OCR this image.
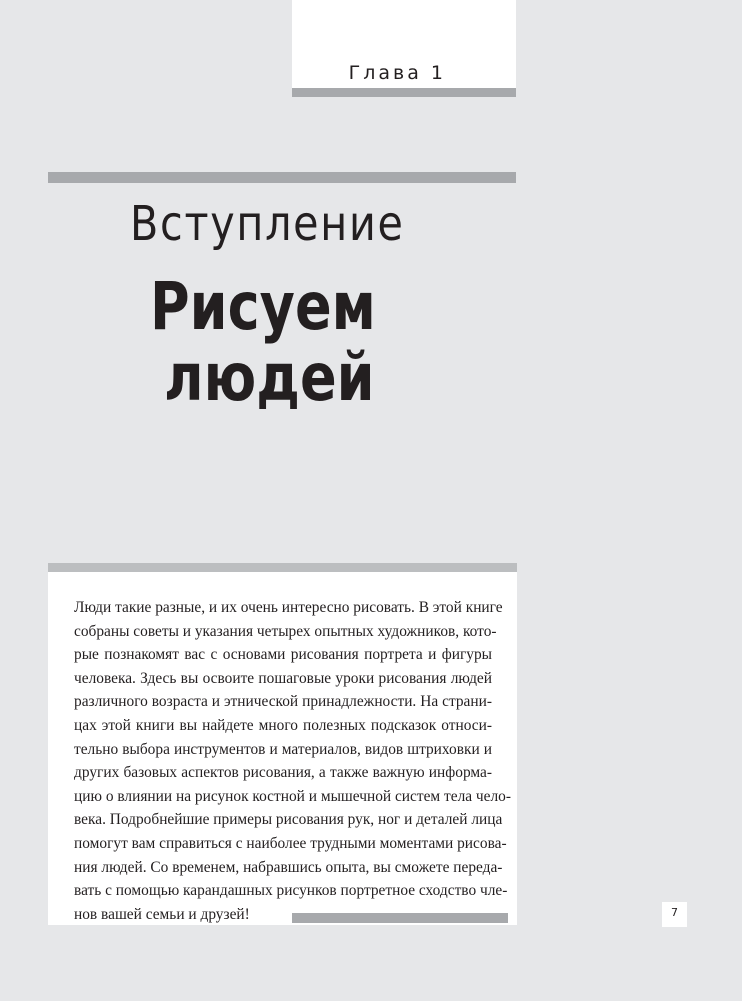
Глава 1
Вступление
Рисуем
людей
Люди такие разные, и их очень интересно рисовать. В этой книге
собраны советы и указания четырех опытных художников, кото-
рые познакомят вас с основами рисования портрета и фигуры
человека. Здесь вы освоите пошаговые уроки рисования людей
различного возраста и этнической принадлежности. На страни-
цах этой книги вы найдете много полезных подсказок относи-
тельно выбора инструментов и материалов, видов штриховки и
других базовых аспектов рисования, а также важную информа-
цию о влиянии на рисунок костной и мышечной систем тела чело-
века. Подробнейшие примеры рисования рук, ног и деталей лица
помогут вам справиться с наиболее трудными моментами рисова-
ния людей. Со временем, набравшись опыта, вы сможете переда-
вать с помощью карандашных рисунков портретное сходство чле-
нов вашей семьи и друзей!	7
